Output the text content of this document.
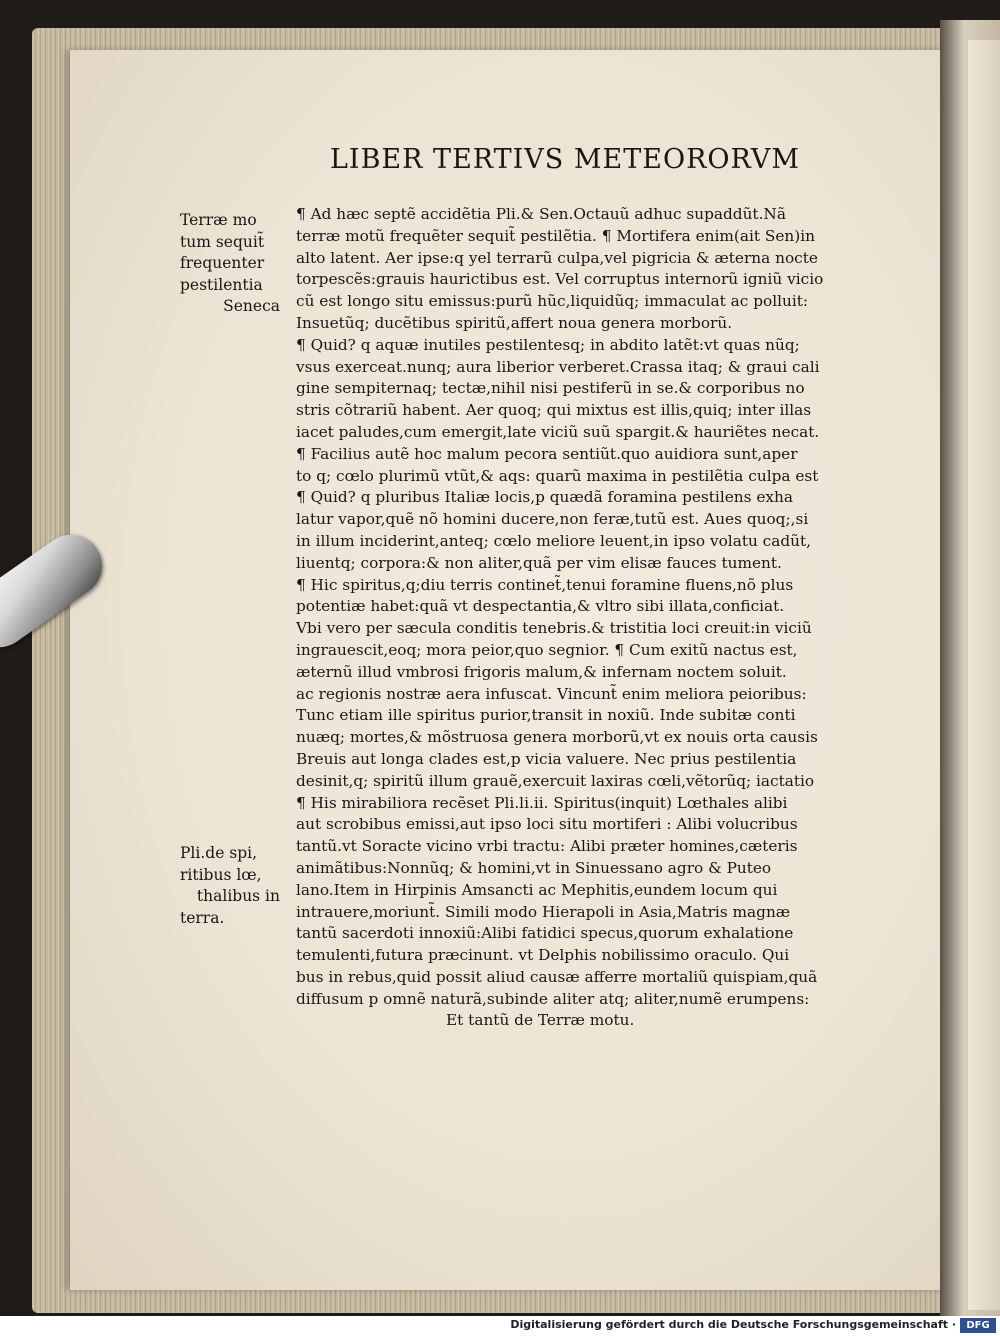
LIBER TERTIVS METEORORVM
Terræ mo
tum sequit̃
frequenter
pestilentia
Seneca
Pli.de spi,
ritibus lœ,
thalibus in
terra.
¶ Ad hæc septẽ accidẽtia Pli.& Sen.Octauũ adhuc supaddũt.Nã
terræ motũ frequẽter sequit̃ pestilẽtia. ¶ Mortifera enim(ait Sen)in
alto latent. Aer ipse:q yel terrarũ culpa,vel pigricia & æterna nocte
torpescẽs:grauis haurictibus est. Vel corruptus internorũ igniũ vicio
cũ est longo situ emissus:purũ hũc,liquidũq; immaculat ac polluit:
Insuetũq; ducẽtibus spiritũ,affert noua genera morborũ.
¶ Quid? q aquæ inutiles pestilentesq; in abdito latẽt:vt quas nũq;
vsus exerceat.nunq; aura liberior verberet.Crassa itaq; & graui cali
gine sempiternaq; tectæ,nihil nisi pestiferũ in se.& corporibus no
stris cõtrariũ habent. Aer quoq; qui mixtus est illis,quiq; inter illas
iacet paludes,cum emergit,late viciũ suũ spargit.& hauriẽtes necat.
¶ Facilius autẽ hoc malum pecora sentiũt.quo auidiora sunt,aper
to q; cœlo plurimũ vtũt,& aqs: quarũ maxima in pestilẽtia culpa est
¶ Quid? q pluribus Italiæ locis,p quædã foramina pestilens exha
latur vapor,quẽ nõ homini ducere,non feræ,tutũ est. Aues quoq;,si
in illum inciderint,anteq; cœlo meliore leuent,in ipso volatu cadũt,
liuentq; corpora:& non aliter,quã per vim elisæ fauces tument.
¶ Hic spiritus,q;diu terris continet̃,tenui foramine fluens,nõ plus
potentiæ habet:quã vt despectantia,& vltro sibi illata,conficiat.
Vbi vero per sæcula conditis tenebris.& tristitia loci creuit:in viciũ
ingrauescit,eoq; mora peior,quo segnior. ¶ Cum exitũ nactus est,
æternũ illud vmbrosi frigoris malum,& infernam noctem soluit.
ac regionis nostræ aera infuscat. Vincunt̃ enim meliora peioribus:
Tunc etiam ille spiritus purior,transit in noxiũ. Inde subitæ conti
nuæq; mortes,& mõstruosa genera morborũ,vt ex nouis orta causis
Breuis aut longa clades est,p vicia valuere. Nec prius pestilentia
desinit,q; spiritũ illum grauẽ,exercuit laxiras cœli,vẽtorũq; iactatio
¶ His mirabiliora recẽset Pli.li.ii. Spiritus(inquit) Lœthales alibi
aut scrobibus emissi,aut ipso loci situ mortiferi : Alibi volucribus
tantũ.vt Soracte vicino vrbi tractu: Alibi præter homines,cæteris
animãtibus:Nonnũq; & homini,vt in Sinuessano agro & Puteo
lano.Item in Hirpinis Amsancti ac Mephitis,eundem locum qui
intrauere,moriunt̃. Simili modo Hierapoli in Asia,Matris magnæ
tantũ sacerdoti innoxiũ:Alibi fatidici specus,quorum exhalatione
temulenti,futura præcinunt. vt Delphis nobilissimo oraculo. Qui
bus in rebus,quid possit aliud causæ afferre mortaliũ quispiam,quã
diffusum p omnẽ naturã,subinde aliter atq; aliter,numẽ erumpens:
Et tantũ de Terræ motu.
Digitalisierung gefördert durch die Deutsche Forschungsgemeinschaft ·	DFG
